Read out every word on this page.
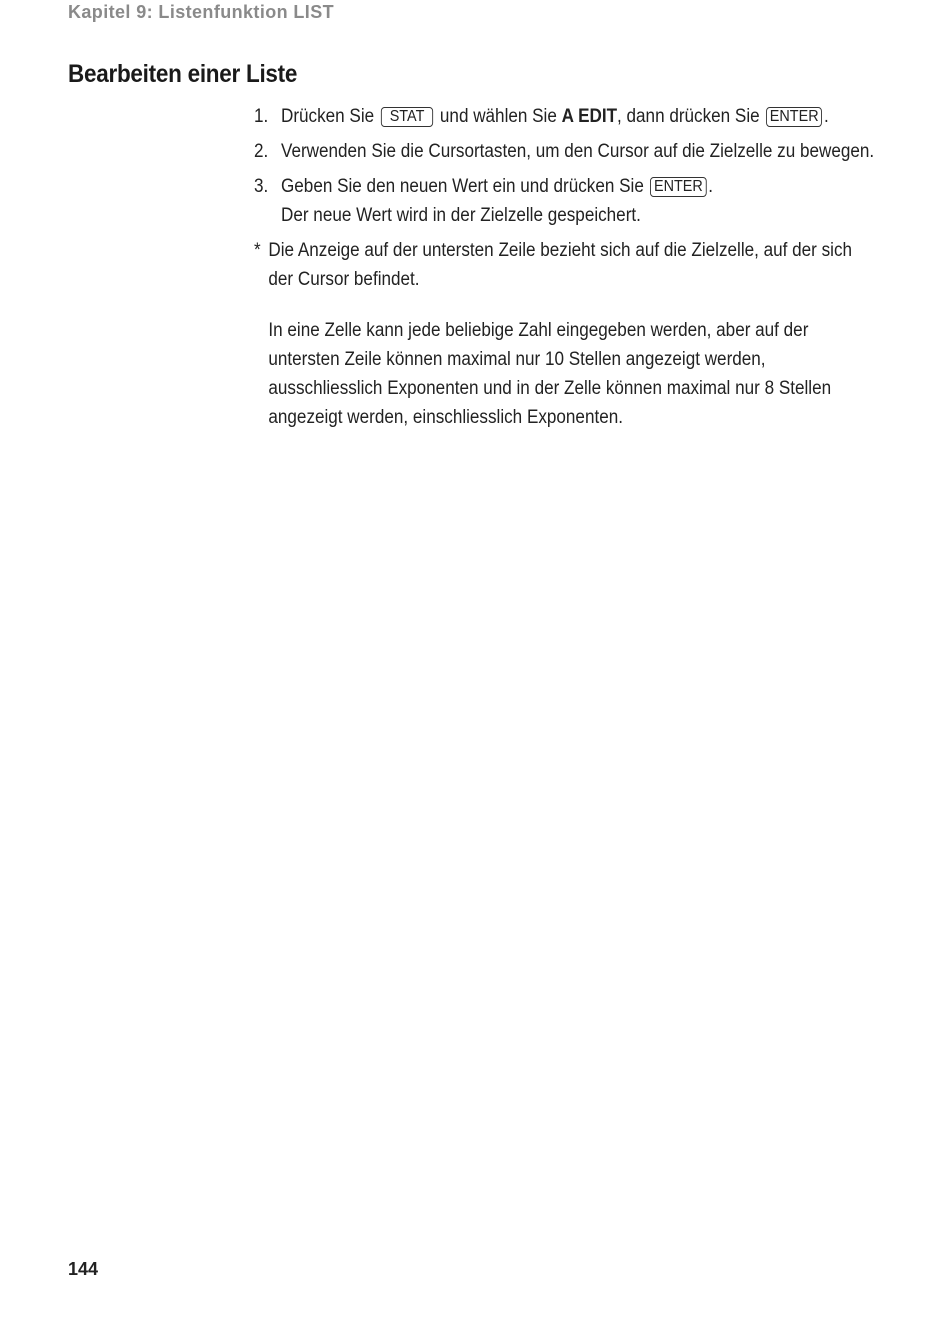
Kapitel 9: Listenfunktion LIST
Bearbeiten einer Liste
1. Drücken Sie STAT und wählen Sie A EDIT, dann drücken Sie ENTER .
2. Verwenden Sie die Cursortasten, um den Cursor auf die Zielzelle zu bewegen.
3. Geben Sie den neuen Wert ein und drücken Sie ENTER .
Der neue Wert wird in der Zielzelle gespeichert.
* Die Anzeige auf der untersten Zeile bezieht sich auf die Zielzelle, auf der sich der Cursor befindet.
In eine Zelle kann jede beliebige Zahl eingegeben werden, aber auf der untersten Zeile können maximal nur 10 Stellen angezeigt werden, ausschliesslich Exponenten und in der Zelle können maximal nur 8 Stellen angezeigt werden, einschliesslich Exponenten.
144
